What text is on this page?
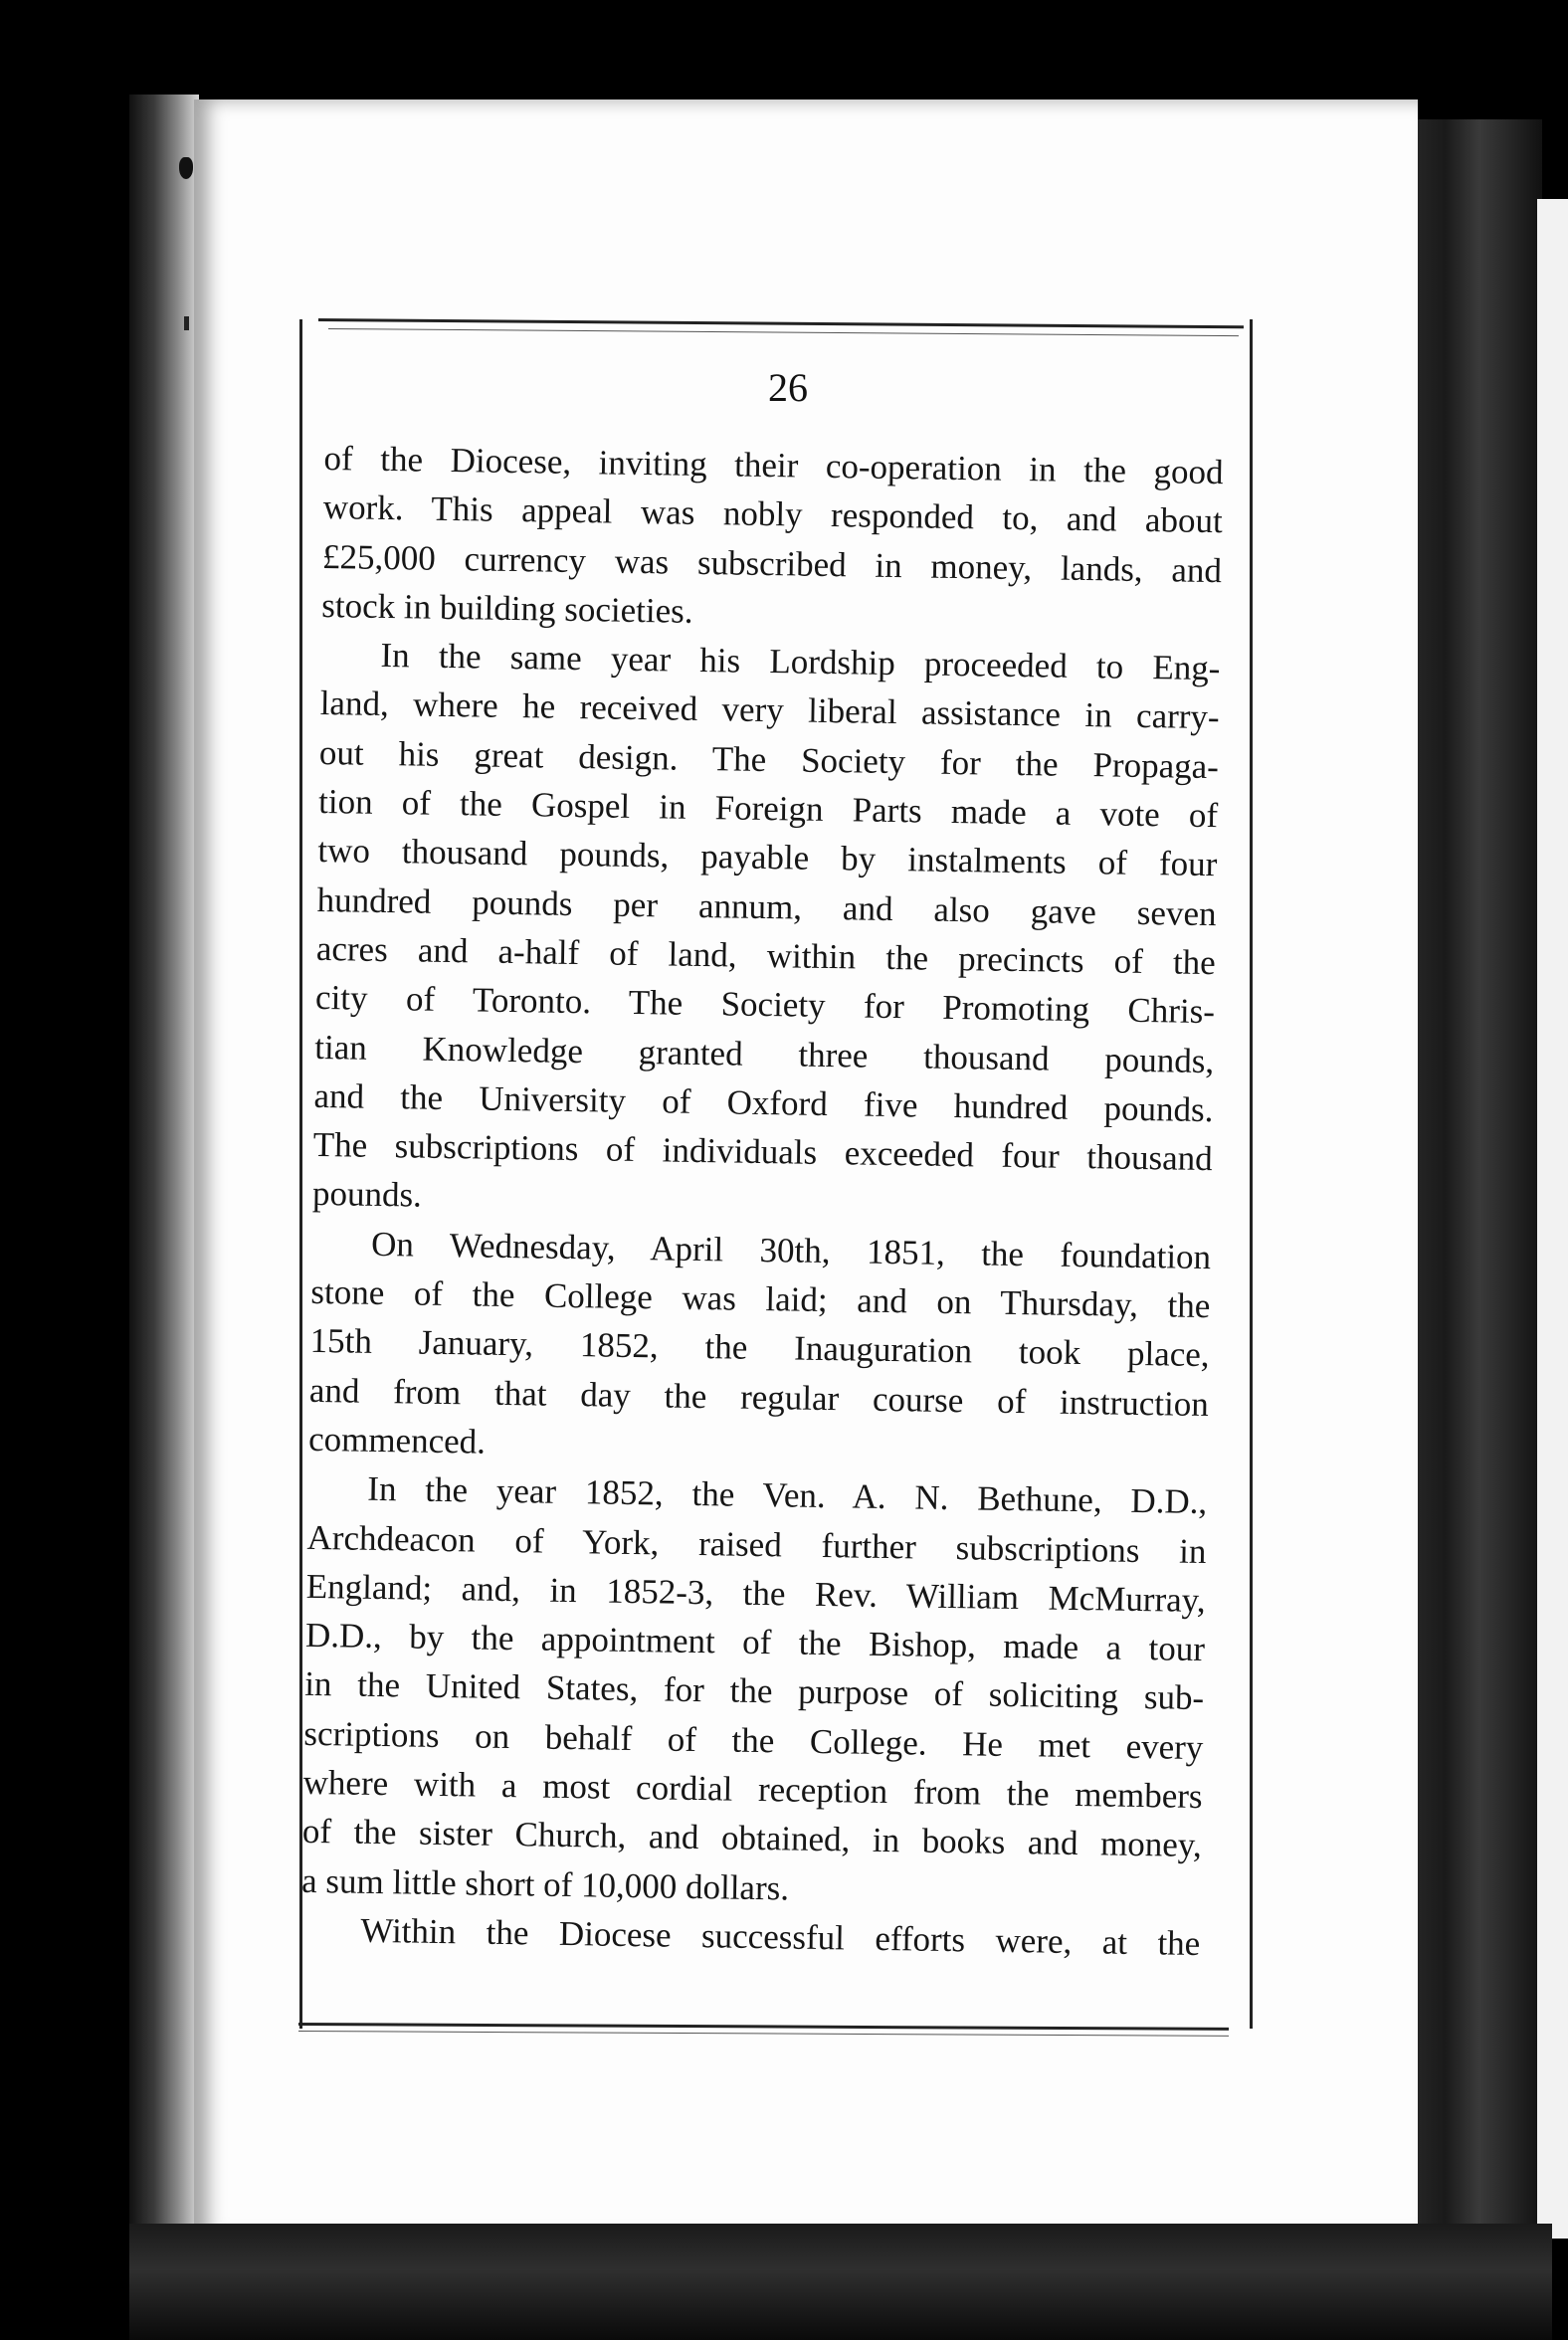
26
of the Diocese, inviting their co-operation in the good
work. This appeal was nobly responded to, and about
£25,000 currency was subscribed in money, lands, and
stock in building societies.
In the same year his Lordship proceeded to Eng-
land, where he received very liberal assistance in carry-
out his great design. The Society for the Propaga-
tion of the Gospel in Foreign Parts made a vote of
two thousand pounds, payable by instalments of four
hundred pounds per annum, and also gave seven
acres and a-half of land, within the precincts of the
city of Toronto. The Society for Promoting Chris-
tian Knowledge granted three thousand pounds,
and the University of Oxford five hundred pounds.
The subscriptions of individuals exceeded four thousand
pounds.
On Wednesday, April 30th, 1851, the foundation
stone of the College was laid; and on Thursday, the
15th January, 1852, the Inauguration took place,
and from that day the regular course of instruction
commenced.
In the year 1852, the Ven. A. N. Bethune, D.D.,
Archdeacon of York, raised further subscriptions in
England; and, in 1852-3, the Rev. William McMurray,
D.D., by the appointment of the Bishop, made a tour
in the United States, for the purpose of soliciting sub-
scriptions on behalf of the College. He met every
where with a most cordial reception from the members
of the sister Church, and obtained, in books and money,
a sum little short of 10,000 dollars.
Within the Diocese successful efforts were, at the
